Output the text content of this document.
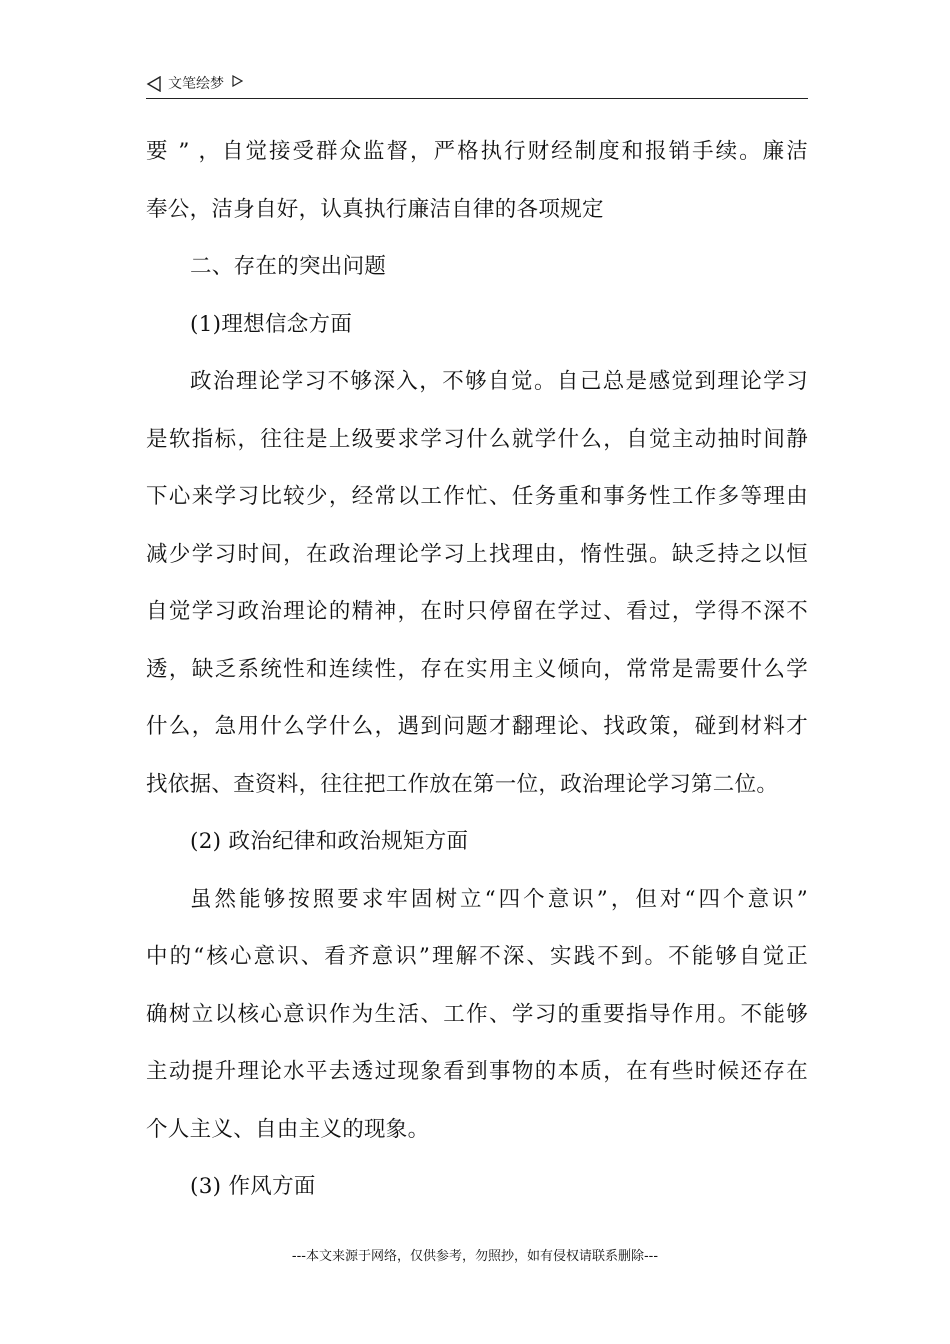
文笔绘梦
要 ” ，自觉接受群众监督，严格执行财经制度和报销手续。廉洁
奉公，洁身自好，认真执行廉洁自律的各项规定
二、存在的突出问题
(1)理想信念方面
政治理论学习不够深入，不够自觉。自己总是感觉到理论学习
是软指标，往往是上级要求学习什么就学什么，自觉主动抽时间静
下心来学习比较少，经常以工作忙、任务重和事务性工作多等理由
减少学习时间，在政治理论学习上找理由，惰性强。缺乏持之以恒
自觉学习政治理论的精神，在时只停留在学过、看过，学得不深不
透，缺乏系统性和连续性，存在实用主义倾向，常常是需要什么学
什么，急用什么学什么，遇到问题才翻理论、找政策，碰到材料才
找依据、查资料，往往把工作放在第一位，政治理论学习第二位。
(2) 政治纪律和政治规矩方面
虽然能够按照要求牢固树立“四个意识”，但对“四个意识”
中的“核心意识、看齐意识”理解不深、实践不到。不能够自觉正
确树立以核心意识作为生活、工作、学习的重要指导作用。不能够
主动提升理论水平去透过现象看到事物的本质，在有些时候还存在
个人主义、自由主义的现象。
(3) 作风方面
---本文来源于网络，仅供参考，勿照抄，如有侵权请联系删除---
